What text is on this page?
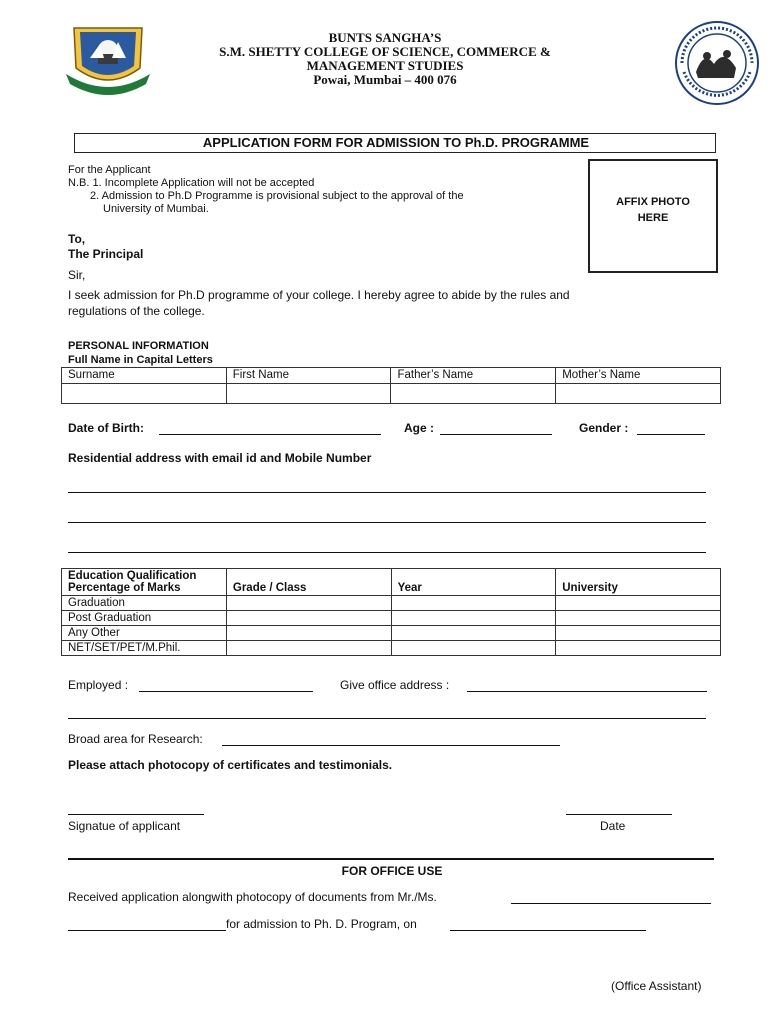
BUNTS SANGHA’S
S.M. SHETTY COLLEGE OF SCIENCE, COMMERCE &
MANAGEMENT STUDIES
Powai, Mumbai – 400 076
APPLICATION FORM FOR ADMISSION TO Ph.D. PROGRAMME
For the Applicant
N.B. 1. Incomplete Application will not be accepted
2. Admission to Ph.D Programme is provisional subject to the approval of the
University of Mumbai.
AFFIX PHOTO
HERE
To,
The Principal
Sir,
I seek admission for Ph.D programme of your college. I hereby agree to abide by the rules and
regulations of the college.
PERSONAL INFORMATION
Full Name in Capital Letters
Surname	First Name	Father’s Name	Mother’s Name

Date of Birth:	Age :	Gender :
Residential address with email id and Mobile Number
Education Qualification
Percentage of Marks	Grade / Class	Year	University
Graduation			
Post Graduation			
Any Other			
NET/SET/PET/M.Phil.			
Employed :	Give office address :
Broad area for Research:
Please attach photocopy of certificates and testimonials.
Signatue of applicant	Date
FOR OFFICE USE
Received application alongwith photocopy of documents from Mr./Ms.
for admission to Ph. D. Program, on
(Office Assistant)
